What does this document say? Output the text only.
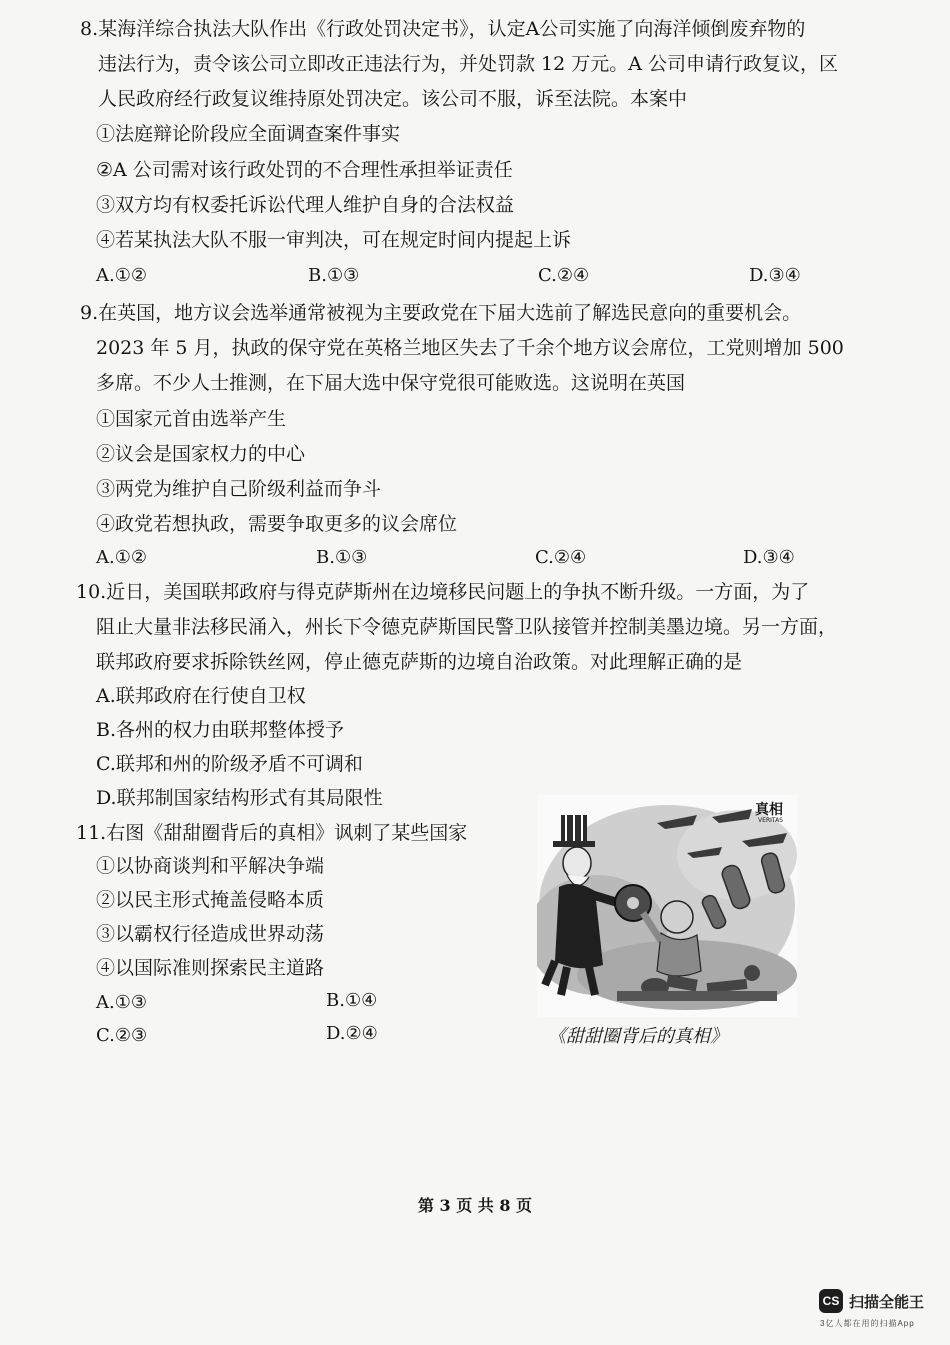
8.某海洋综合执法大队作出《行政处罚决定书》，认定A公司实施了向海洋倾倒废弃物的
违法行为，责令该公司立即改正违法行为，并处罚款 12 万元。A 公司申请行政复议，区
人民政府经行政复议维持原处罚决定。该公司不服，诉至法院。本案中
①法庭辩论阶段应全面调查案件事实
②A 公司需对该行政处罚的不合理性承担举证责任
③双方均有权委托诉讼代理人维护自身的合法权益
④若某执法大队不服一审判决，可在规定时间内提起上诉
A.①②	B.①③	C.②④	D.③④
9.在英国，地方议会选举通常被视为主要政党在下届大选前了解选民意向的重要机会。
2023 年 5 月，执政的保守党在英格兰地区失去了千余个地方议会席位，工党则增加 500
多席。不少人士推测，在下届大选中保守党很可能败选。这说明在英国
①国家元首由选举产生
②议会是国家权力的中心
③两党为维护自己阶级利益而争斗
④政党若想执政，需要争取更多的议会席位
A.①②	B.①③	C.②④	D.③④
10.近日，美国联邦政府与得克萨斯州在边境移民问题上的争执不断升级。一方面，为了
阻止大量非法移民涌入，州长下令德克萨斯国民警卫队接管并控制美墨边境。另一方面，
联邦政府要求拆除铁丝网，停止德克萨斯的边境自治政策。对此理解正确的是
A.联邦政府在行使自卫权
B.各州的权力由联邦整体授予
C.联邦和州的阶级矛盾不可调和
D.联邦制国家结构形式有其局限性
11.右图《甜甜圈背后的真相》讽刺了某些国家
①以协商谈判和平解决争端
②以民主形式掩盖侵略本质
③以霸权行径造成世界动荡
④以国际准则探索民主道路
A.①③	B.①④
C.②③	D.②④
真相
VERITAS
《甜甜圈背后的真相》
第 3 页 共 8 页
CS 扫描全能王
3亿人都在用的扫描App
